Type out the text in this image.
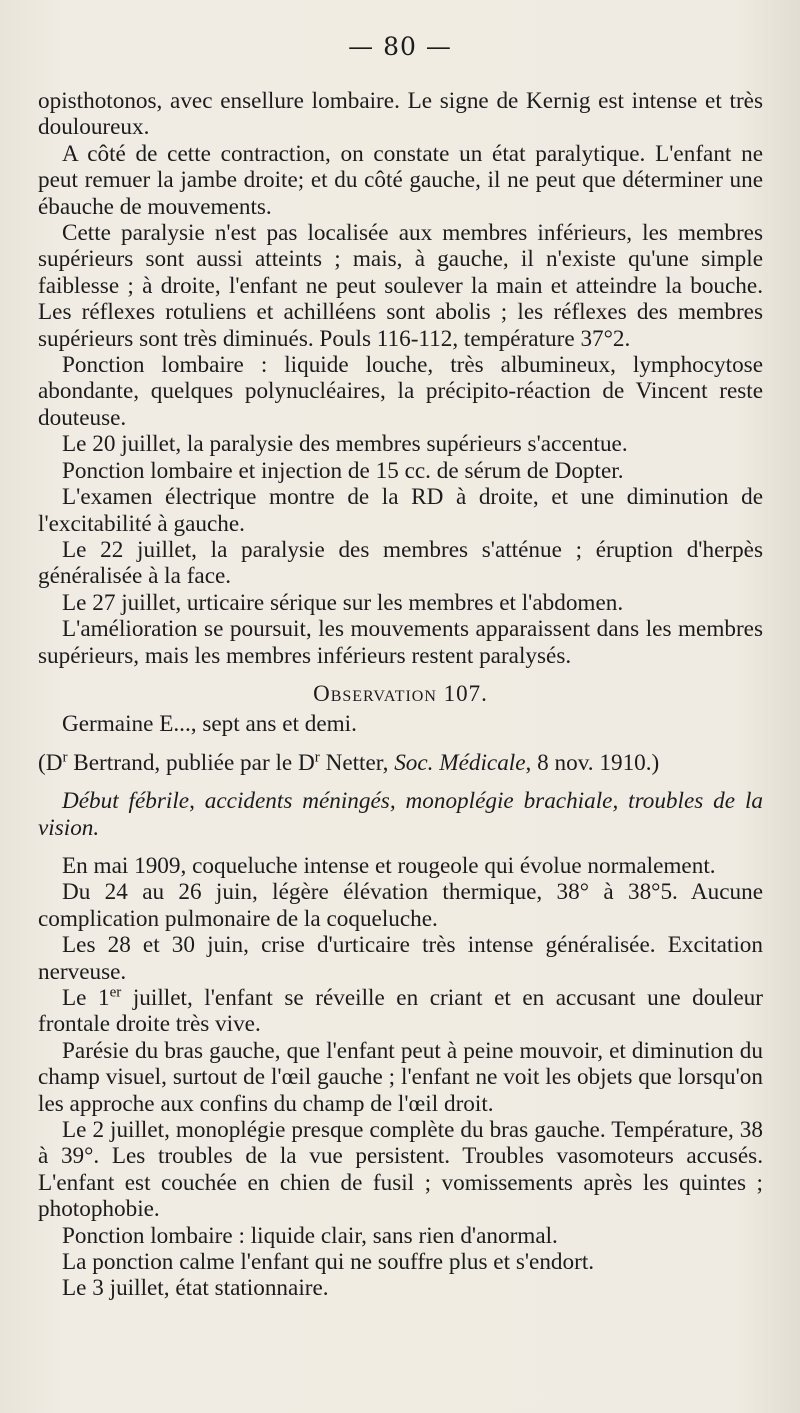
— 80 —

opisthotonos, avec ensellure lombaire. Le signe de Kernig est intense et très douloureux.

A côté de cette contraction, on constate un état paralytique. L'enfant ne peut remuer la jambe droite; et du côté gauche, il ne peut que déterminer une ébauche de mouvements.

Cette paralysie n'est pas localisée aux membres inférieurs, les membres supérieurs sont aussi atteints ; mais, à gauche, il n'existe qu'une simple faiblesse ; à droite, l'enfant ne peut soulever la main et atteindre la bouche. Les réflexes rotuliens et achilléens sont abolis ; les réflexes des membres supérieurs sont très diminués. Pouls 116-112, température 37°2.

Ponction lombaire : liquide louche, très albumineux, lymphocytose abondante, quelques polynucléaires, la précipito-réaction de Vincent reste douteuse.

Le 20 juillet, la paralysie des membres supérieurs s'accentue.

Ponction lombaire et injection de 15 cc. de sérum de Dopter.

L'examen électrique montre de la RD à droite, et une diminution de l'excitabilité à gauche.

Le 22 juillet, la paralysie des membres s'atténue ; éruption d'herpès généralisée à la face.

Le 27 juillet, urticaire sérique sur les membres et l'abdomen.

L'amélioration se poursuit, les mouvements apparaissent dans les membres supérieurs, mais les membres inférieurs restent paralysés.

Observation 107.

Germaine E..., sept ans et demi.

($D^r$ Bertrand, publiée par le $D^r$ Netter, Soc. Médicale, 8 nov. 1910.)

Début fébrile, accidents méningés, monoplégie brachiale, troubles de la vision.

En mai 1909, coqueluche intense et rougeole qui évolue normalement.

Du 24 au 26 juin, légère élévation thermique, 38° à 38°5. Aucune complication pulmonaire de la coqueluche.

Les 28 et 30 juin, crise d'urticaire très intense généralisée. Excitation nerveuse.

Le 1er juillet, l'enfant se réveille en criant et en accusant une douleur frontale droite très vive.

Parésie du bras gauche, que l'enfant peut à peine mouvoir, et diminution du champ visuel, surtout de l'œil gauche ; l'enfant ne voit les objets que lorsqu'on les approche aux confins du champ de l'œil droit.

Le 2 juillet, monoplégie presque complète du bras gauche. Température, 38 à 39°. Les troubles de la vue persistent. Troubles vasomoteurs accusés. L'enfant est couchée en chien de fusil ; vomissements après les quintes ; photophobie.

Ponction lombaire : liquide clair, sans rien d'anormal.

La ponction calme l'enfant qui ne souffre plus et s'endort.

Le 3 juillet, état stationnaire.
